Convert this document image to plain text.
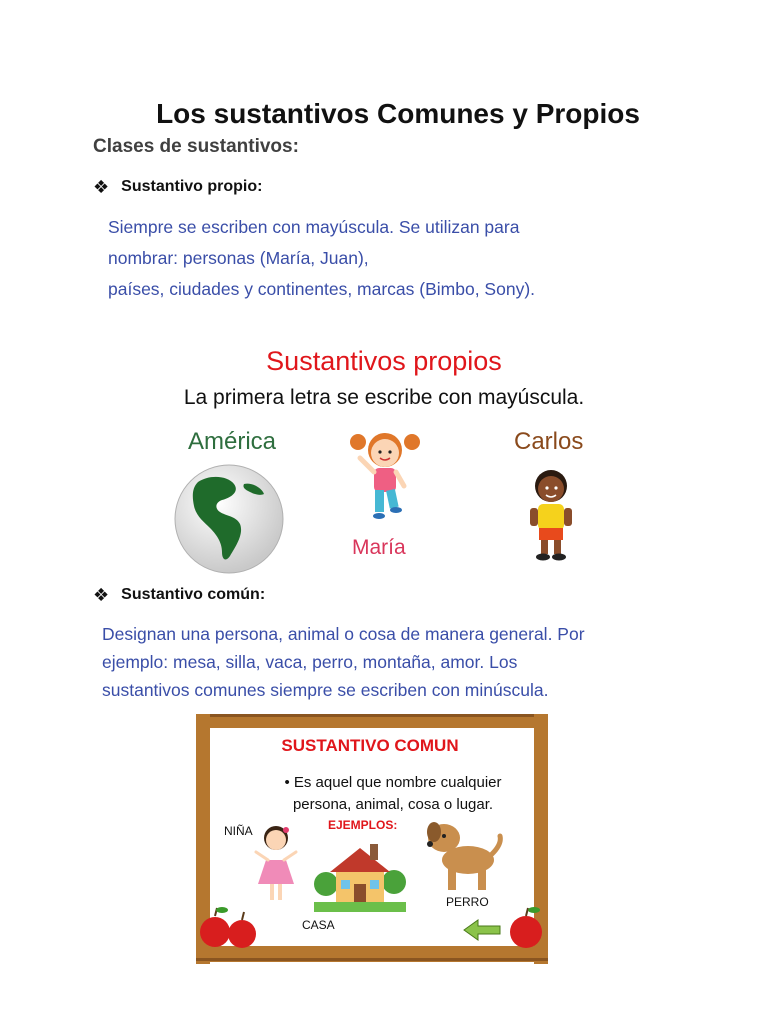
Los sustantivos Comunes y Propios
Clases de sustantivos:
❖ Sustantivo propio:
Siempre se escriben con mayúscula. Se utilizan para
nombrar: personas (María, Juan),
países, ciudades y continentes, marcas (Bimbo, Sony).
Sustantivos propios
La primera letra se escribe con mayúscula.
América	Carlos
María
❖ Sustantivo común:
Designan una persona, animal o cosa de manera general. Por
ejemplo: mesa, silla, vaca, perro, montaña, amor. Los
sustantivos comunes siempre se escriben con minúscula.
SUSTANTIVO COMUN
• Es aquel que nombre cualquier
persona, animal, cosa o lugar.
EJEMPLOS:
NIÑA
CASA
PERRO
